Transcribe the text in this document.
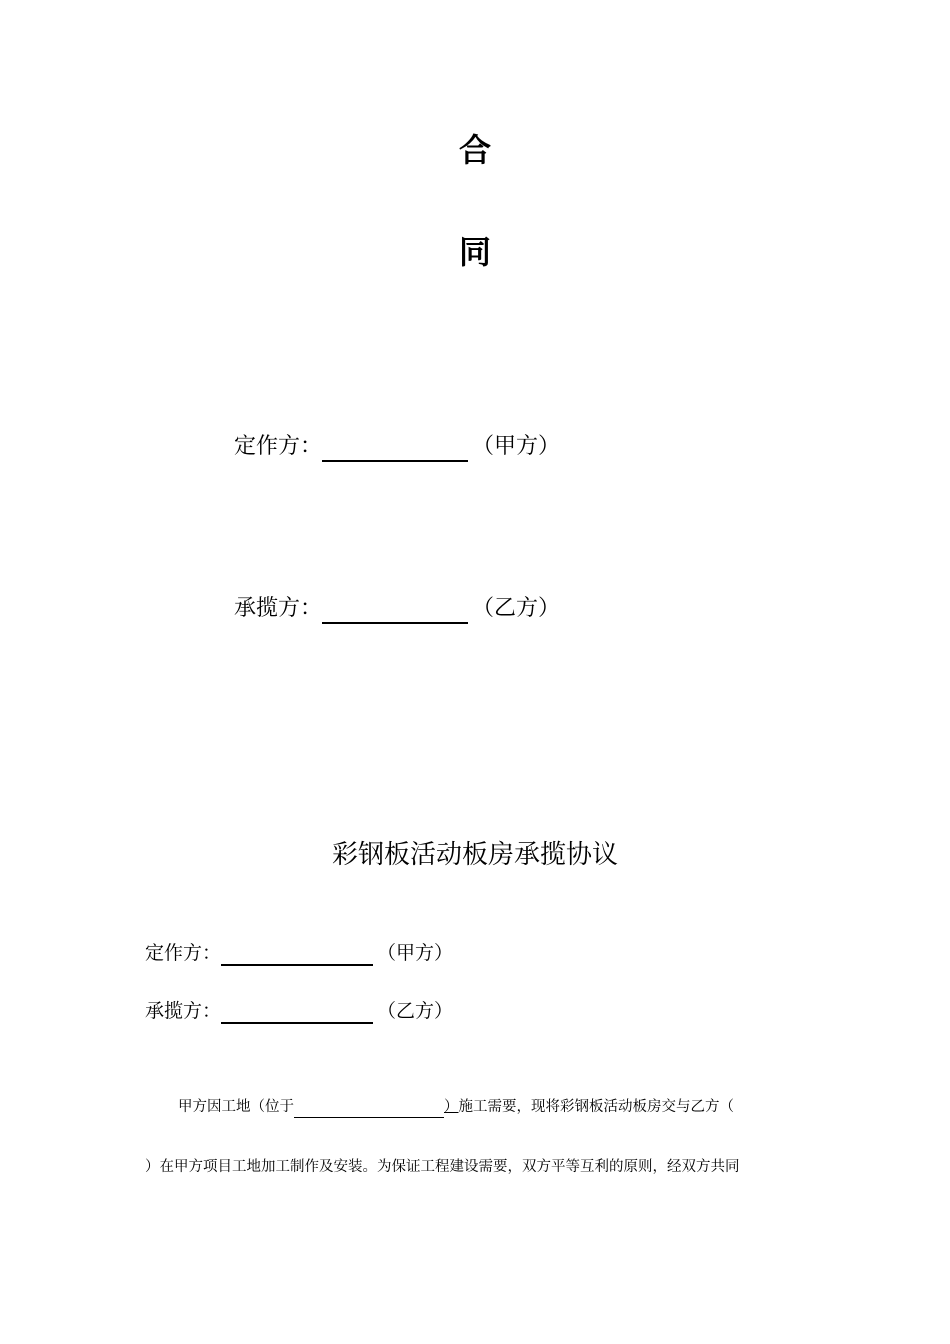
合
同
定作方：	（甲方）
承揽方：	（乙方）
彩钢板活动板房承揽协议
定作方：	（甲方）
承揽方：	（乙方）
甲方因工地（位于	） 施工需要，现将彩钢板活动板房交与乙方（
）在甲方项目工地加工制作及安装。为保证工程建设需要，双方平等互利的原则，经双方共同
